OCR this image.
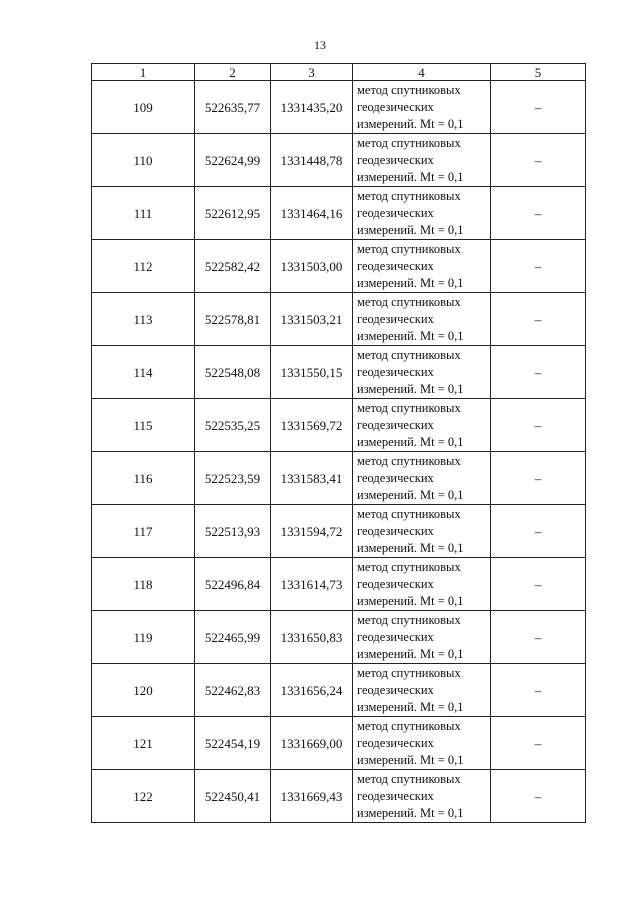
13
1	2	3	4	5
109	522635,77	1331435,20	метод спутниковых
геодезических
измерений. Mt = 0,1	–
110	522624,99	1331448,78	метод спутниковых
геодезических
измерений. Mt = 0,1	–
111	522612,95	1331464,16	метод спутниковых
геодезических
измерений. Mt = 0,1	–
112	522582,42	1331503,00	метод спутниковых
геодезических
измерений. Mt = 0,1	–
113	522578,81	1331503,21	метод спутниковых
геодезических
измерений. Mt = 0,1	–
114	522548,08	1331550,15	метод спутниковых
геодезических
измерений. Mt = 0,1	–
115	522535,25	1331569,72	метод спутниковых
геодезических
измерений. Mt = 0,1	–
116	522523,59	1331583,41	метод спутниковых
геодезических
измерений. Mt = 0,1	–
117	522513,93	1331594,72	метод спутниковых
геодезических
измерений. Mt = 0,1	–
118	522496,84	1331614,73	метод спутниковых
геодезических
измерений. Mt = 0,1	–
119	522465,99	1331650,83	метод спутниковых
геодезических
измерений. Mt = 0,1	–
120	522462,83	1331656,24	метод спутниковых
геодезических
измерений. Mt = 0,1	–
121	522454,19	1331669,00	метод спутниковых
геодезических
измерений. Mt = 0,1	–
122	522450,41	1331669,43	метод спутниковых
геодезических
измерений. Mt = 0,1	–
